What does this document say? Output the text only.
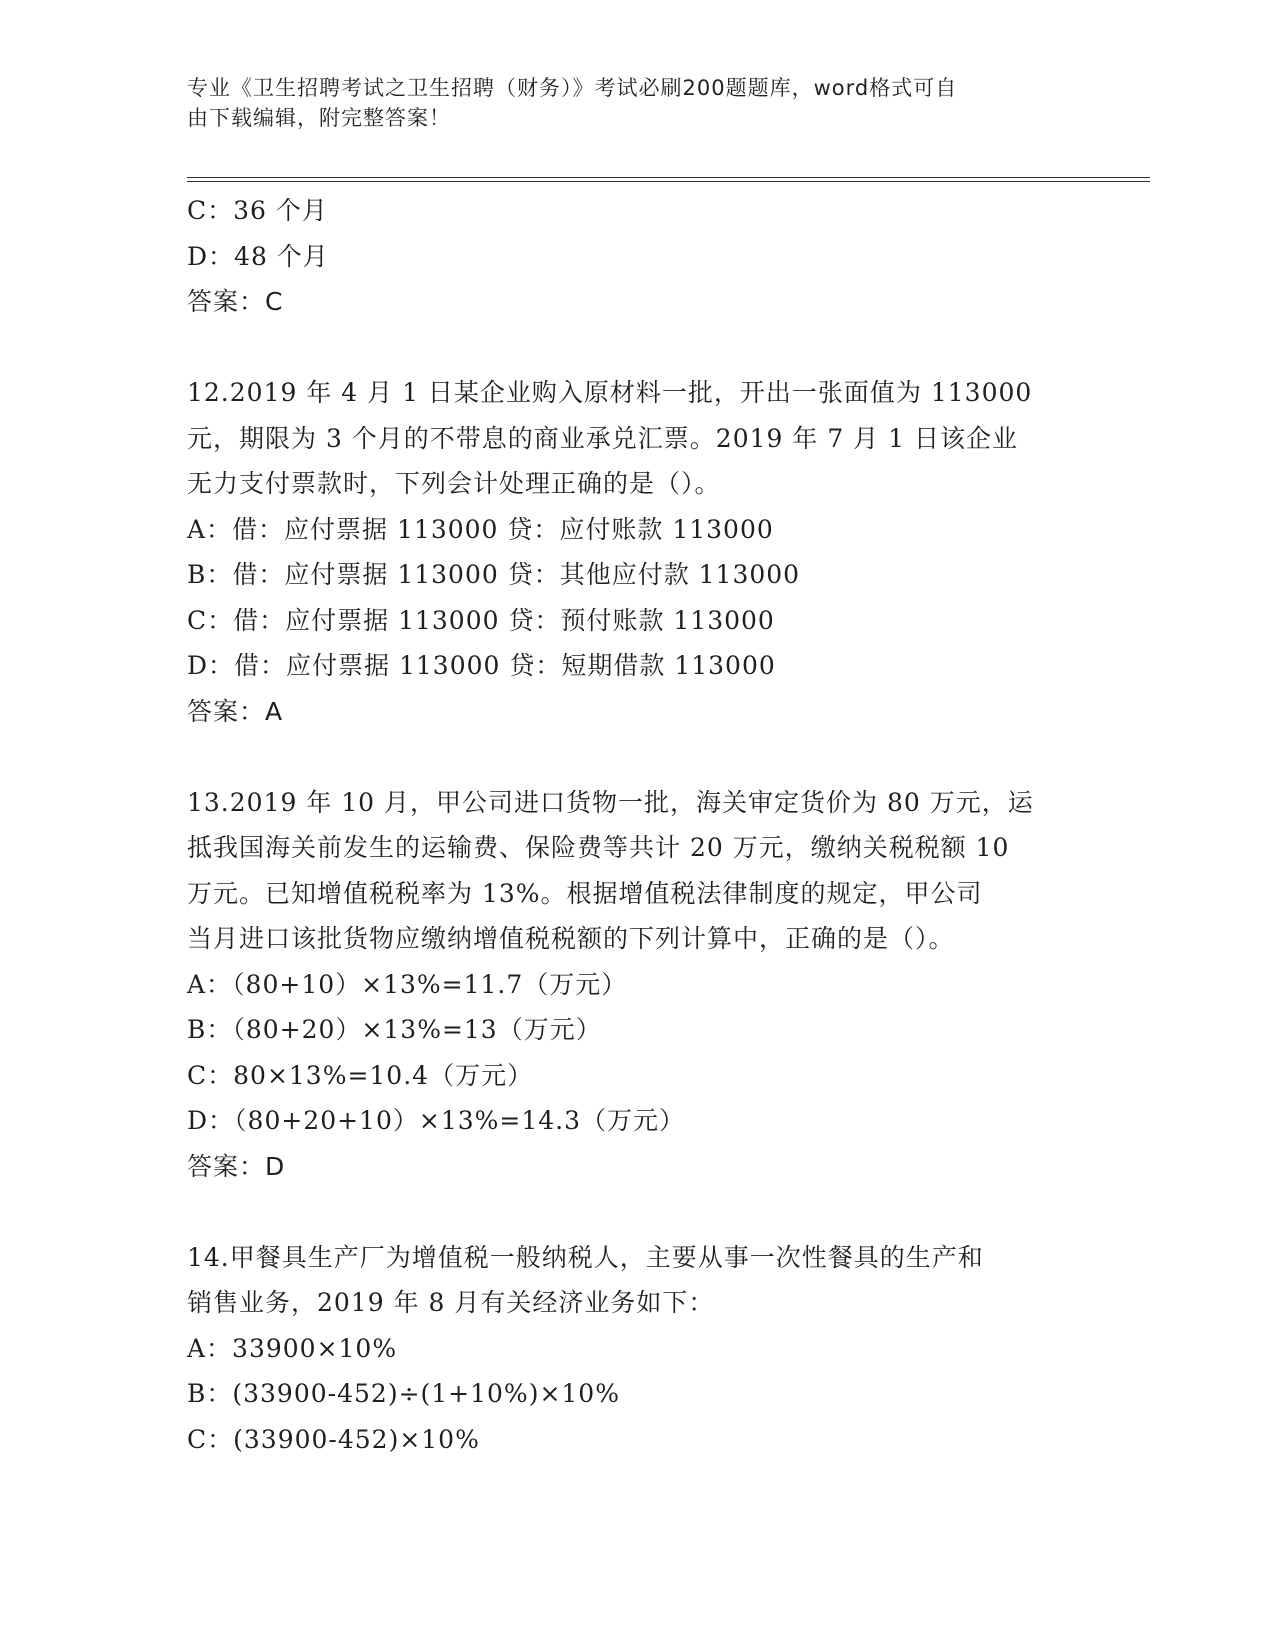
专业《卫生招聘考试之卫生招聘（财务）》考试必刷200题题库，word格式可自
由下载编辑，附完整答案！
C：36 个月
D：48 个月
答案：C
12.2019 年 4 月 1 日某企业购入原材料一批，开出一张面值为 113000
元，期限为 3 个月的不带息的商业承兑汇票。2019 年 7 月 1 日该企业
无力支付票款时，下列会计处理正确的是（）。
A：借：应付票据 113000 贷：应付账款 113000
B：借：应付票据 113000 贷：其他应付款 113000
C：借：应付票据 113000 贷：预付账款 113000
D：借：应付票据 113000 贷：短期借款 113000
答案：A
13.2019 年 10 月，甲公司进口货物一批，海关审定货价为 80 万元，运
抵我国海关前发生的运输费、保险费等共计 20 万元，缴纳关税税额 10
万元。已知增值税税率为 13%。根据增值税法律制度的规定，甲公司
当月进口该批货物应缴纳增值税税额的下列计算中，正确的是（）。
A：（80+10）×13%=11.7（万元）
B：（80+20）×13%=13（万元）
C：80×13%=10.4（万元）
D：（80+20+10）×13%=14.3（万元）
答案：D
14.甲餐具生产厂为增值税一般纳税人，主要从事一次性餐具的生产和
销售业务，2019 年 8 月有关经济业务如下：
A：33900×10%
B：(33900-452)÷(1+10%)×10%
C：(33900-452)×10%
